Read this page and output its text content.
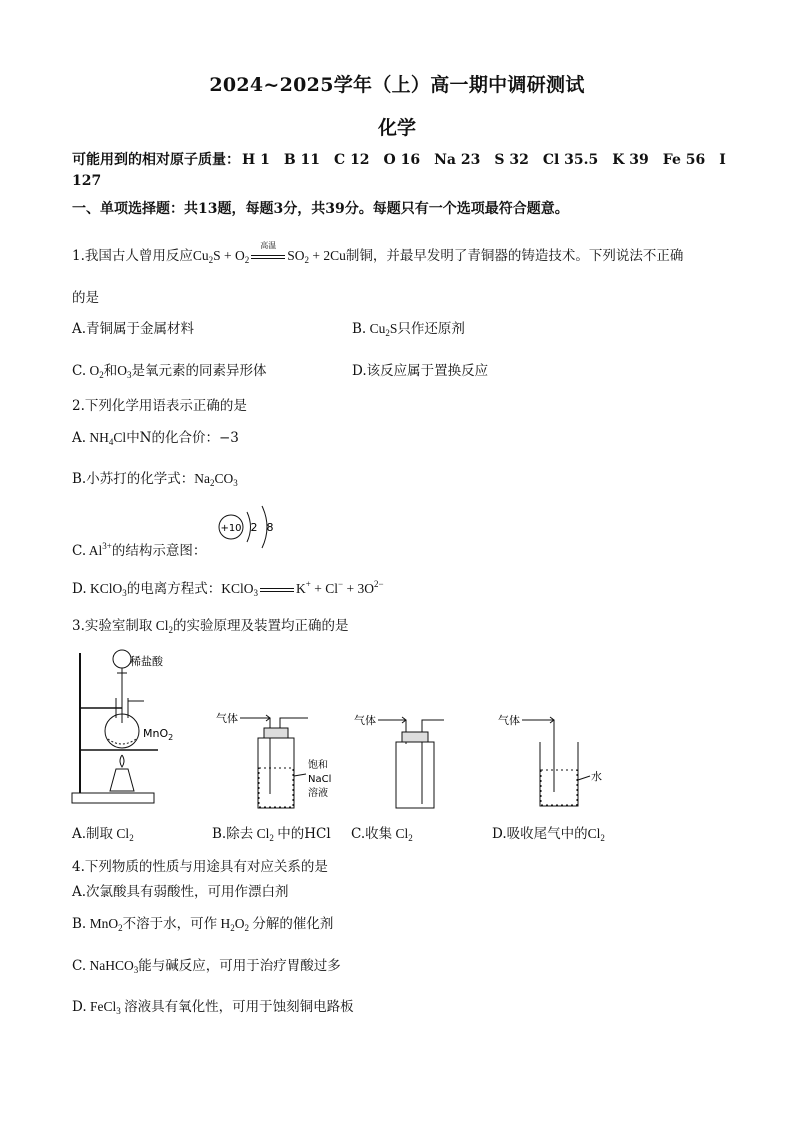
2024~2025学年（上）高一期中调研测试
化学
可能用到的相对原子质量： H 1 B 11 C 12 O 16 Na 23 S 32 Cl 35.5 K 39 Fe 56 I
127
一、单项选择题：共13题，每题3分，共39分。每题只有一个选项最符合题意。
1.我国古人曾用反应$Cu_2S + O_2$
高温
$SO_2 + 2Cu$制铜，并最早发明了青铜器的铸造技术。下列说法不正确
的是
A.青铜属于金属材料	B. $Cu_2S$只作还原剂
C. $O_2$和$O_3$是氧元素的同素异形体	D.该反应属于置换反应
2.下列化学用语表示正确的是
A. $NH_4Cl$中N的化合价：−3
B.小苏打的化学式：$Na_2CO_3$
C. $Al^{3+}$的结构示意图：
+10 2 8
D. KClO$_3$的电离方程式：KClO$_3$	$K^+ + Cl^- + 3O^{2-}$
3.实验室制取 $Cl_2$的实验原理及装置均正确的是
稀盐酸
MnO$_2$
气体
饱和
NaCl
溶液
气体	气体
水
A.制取 $Cl_2$	B.除去 $Cl_2$ 中的HCl C.收集 $Cl_2$	D.吸收尾气中的$Cl_2$
4.下列物质的性质与用途具有对应关系的是
A.次氯酸具有弱酸性，可用作漂白剂
B. MnO$_2$不溶于水，可作 $H_2O_2$ 分解的催化剂
C. NaHCO$_3$能与碱反应，可用于治疗胃酸过多
D. FeCl$_3$ 溶液具有氧化性，可用于蚀刻铜电路板
